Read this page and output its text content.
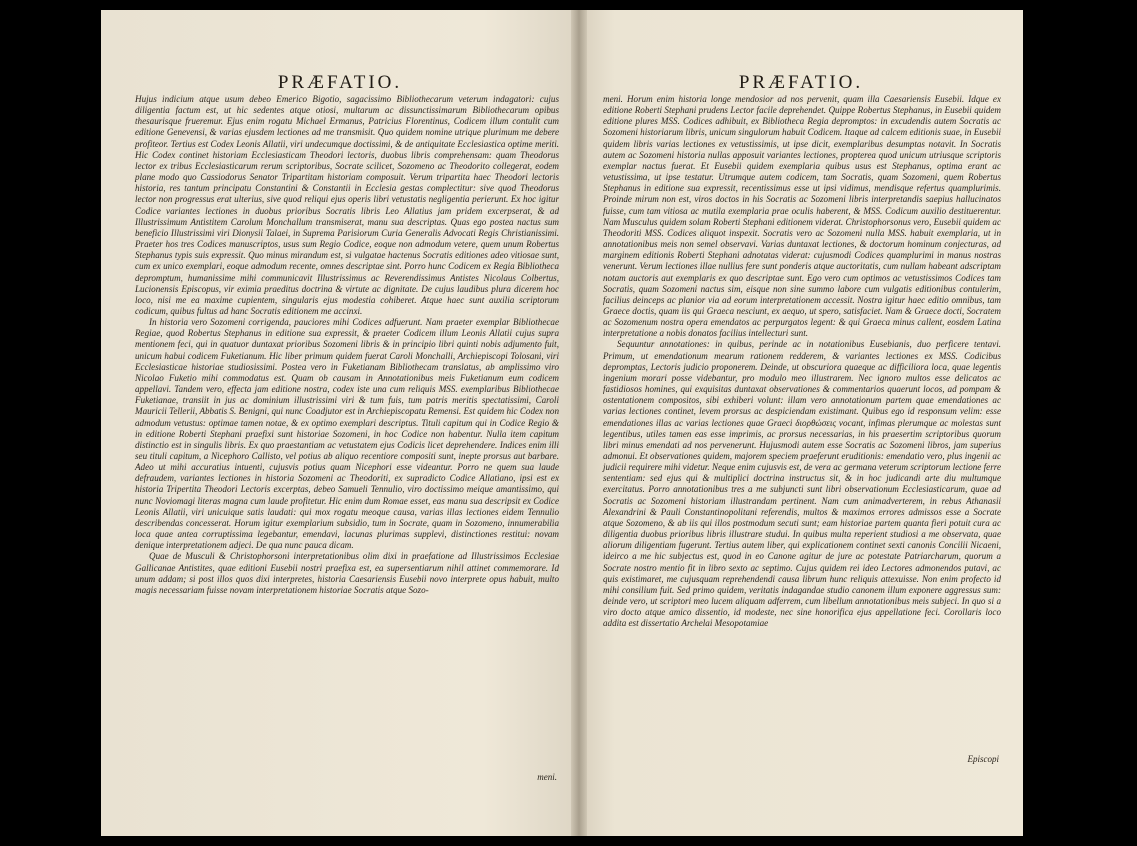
PRÆFATIO.

Hujus indicium atque usum debeo Emerico Bigotio, sagacissimo Bibliothecarum veterum indagatori: cujus diligentia factum est, ut hic sedentes atque otiosi, multarum ac dissunctissimarum Bibliothecarum opibus thesaurisque frueremur. Ejus enim rogatu Michael Ermanus, Patricius Florentinus, Codicem illum contulit cum editione Genevensi, & varias ejusdem lectiones ad me transmisit. Quo quidem nomine utrique plurimum me debere profiteor. Tertius est Codex Leonis Allatii, viri undecumque doctissimi, & de antiquitate Ecclesiastica optime meriti. Hic Codex continet historiam Ecclesiasticam Theodori lectoris, duobus libris comprehensam: quam Theodorus lector ex tribus Ecclesiasticarum rerum scriptoribus, Socrate scilicet, Sozomeno ac Theodorito collegerat, eodem plane modo quo Cassiodorus Senator Tripartitam historiam composuit. Verum tripartita haec Theodori lectoris historia, res tantum principatu Constantini & Constantii in Ecclesia gestas complectitur: sive quod Theodorus lector non progressus erat ulterius, sive quod reliqui ejus operis libri vetustatis negligentia perierunt. Ex hoc igitur Codice variantes lectiones in duobus prioribus Socratis libris Leo Allatius jam pridem excerpserat, & ad Illustrissimum Antistitem Carolum Monchallum transmiserat, manu sua descriptas. Quas ego postea nactus sum beneficio Illustrissimi viri Dionysii Talaei, in Suprema Parisiorum Curia Generalis Advocati Regis Christianissimi. Praeter hos tres Codices manuscriptos, usus sum Regio Codice, eoque non admodum vetere, quem unum Robertus Stephanus typis suis expressit. Quo minus mirandum est, si vulgatae hactenus Socratis editiones adeo vitiosae sunt, cum ex unico exemplari, eoque admodum recente, omnes descriptae sint. Porro hunc Codicem ex Regia Bibliotheca depromptum, humanissime mihi communicavit Illustrissimus ac Reverendissimus Antistes Nicolaus Colbertus, Lucionensis Episcopus, vir eximia praeditus doctrina & virtute ac dignitate. De cujus laudibus plura dicerem hoc loco, nisi me ea maxime cupientem, singularis ejus modestia cohiberet. Atque haec sunt auxilia scriptorum codicum, quibus fultus ad hanc Socratis editionem me accinxi.

In historia vero Sozomeni corrigenda, pauciores mihi Codices adfuerunt. Nam praeter exemplar Bibliothecae Regiae, quod Robertus Stephanus in editione sua expressit, & praeter Codicem illum Leonis Allatii cujus supra mentionem feci, qui in quatuor duntaxat prioribus Sozomeni libris & in principio libri quinti nobis adjumento fuit, unicum habui codicem Fuketianum. Hic liber primum quidem fuerat Caroli Monchalli, Archiepiscopi Tolosani, viri Ecclesiasticae historiae studiosissimi. Postea vero in Fuketianam Bibliothecam translatus, ab amplissimo viro Nicolao Fuketio mihi commodatus est. Quam ob causam in Annotationibus meis Fuketianum eum codicem appellavi. Tandem vero, effecta jam editione nostra, codex iste una cum reliquis MSS. exemplaribus Bibliothecae Fuketianae, transiit in jus ac dominium illustrissimi viri & tum fuis, tum patris meritis spectatissimi, Caroli Mauricii Tellerii, Abbatis S. Benigni, qui nunc Coadjutor est in Archiepiscopatu Remensi. Est quidem hic Codex non admodum vetustus: optimae tamen notae, & ex optimo exemplari descriptus. Tituli capitum qui in Codice Regio & in editione Roberti Stephani praefixi sunt historiae Sozomeni, in hoc Codice non habentur. Nulla item capitum distinctio est in singulis libris. Ex quo praestantiam ac vetustatem ejus Codicis licet deprehendere. Indices enim illi seu tituli capitum, a Nicephoro Callisto, vel potius ab aliquo recentiore compositi sunt, inepte prorsus aut barbare. Adeo ut mihi accuratius intuenti, cujusvis potius quam Nicephori esse videantur. Porro ne quem sua laude defraudem, variantes lectiones in historia Sozomeni ac Theodoriti, ex supradicto Codice Allatiano, ipsi est ex historia Tripertita Theodori Lectoris excerptas, debeo Samueli Tennulio, viro doctissimo meique amantissimo, qui nunc Noviomagi literas magna cum laude profitetur. Hic enim dum Romae esset, eas manu sua descripsit ex Codice Leonis Allatii, viri unicuique satis laudati: qui mox rogatu meoque causa, varias illas lectiones eidem Tennulio describendas concesserat. Horum igitur exemplarium subsidio, tum in Socrate, quam in Sozomeno, innumerabilia loca quae antea corruptissima legebantur, emendavi, lacunas plurimas supplevi, distinctiones restitui: novam denique interpretationem adjeci. De qua nunc pauca dicam.

Quae de Musculi & Christophorsoni interpretationibus olim dixi in praefatione ad Illustrissimos Ecclesiae Gallicanae Antistites, quae editioni Eusebii nostri praefixa est, ea supersentiarum nihil attinet commemorare. Id unum addam; si post illos quos dixi interpretes, historia Caesariensis Eusebii novo interprete opus habuit, multo magis necessariam fuisse novam interpretationem historiae Socratis atque Sozo-

meni.
PRÆFATIO.

meni. Horum enim historia longe mendosior ad nos pervenit, quam illa Caesariensis Eusebii. Idque ex editione Roberti Stephani prudens Lector facile deprehendet. Quippe Robertus Stephanus, in Eusebii quidem editione plures MSS. Codices adhibuit, ex Bibliotheca Regia depromptos: in excudendis autem Socratis ac Sozomeni historiarum libris, unicum singulorum habuit Codicem. Itaque ad calcem editionis suae, in Eusebii quidem libris varias lectiones ex vetustissimis, ut ipse dicit, exemplaribus desumptas notavit. In Socratis autem ac Sozomeni historia nullas apposuit variantes lectiones, propterea quod unicum utriusque scriptoris exemplar nactus fuerat. Et Eusebii quidem exemplaria quibus usus est Stephanus, optima erant ac vetustissima, ut ipse testatur. Utrumque autem codicem, tam Socratis, quam Sozomeni, quem Robertus Stephanus in editione sua expressit, recentissimus esse ut ipsi vidimus, mendisque refertus quamplurimis. Proinde mirum non est, viros doctos in his Socratis ac Sozomeni libris interpretandis saepius hallucinatos fuisse, cum tam vitiosa ac mutila exemplaria prae oculis haberent, & MSS. Codicum auxilio destituerentur. Nam Musculus quidem solam Roberti Stephani editionem viderat. Christophorsonus vero, Eusebii quidem ac Theodoriti MSS. Codices aliquot inspexit. Socratis vero ac Sozomeni nulla MSS. habuit exemplaria, ut in annotationibus meis non semel observavi. Varias duntaxat lectiones, & doctorum hominum conjecturas, ad marginem editionis Roberti Stephani adnotatas viderat: cujusmodi Codices quamplurimi in manus nostras venerunt. Verum lectiones illae nullius fere sunt ponderis atque auctoritatis, cum nullam habeant adscriptam notam auctoris aut exemplaris ex quo descriptae sunt. Ego vero cum optimos ac vetustissimos Codices tam Socratis, quam Sozomeni nactus sim, eisque non sine summo labore cum vulgatis editionibus contulerim, facilius deinceps ac planior via ad eorum interpretationem accessit. Nostra igitur haec editio omnibus, tam Graece doctis, quam iis qui Graeca nesciunt, ex aequo, ut spero, satisfaciet. Nam & Graece docti, Socratem ac Sozomenum nostra opera emendatos ac perpurgatos legent: & qui Graeca minus callent, eosdem Latina interpretatione a nobis donatos facilius intellecturi sunt.

Sequuntur annotationes: in quibus, perinde ac in notationibus Eusebianis, duo perficere tentavi. Primum, ut emendationum mearum rationem redderem, & variantes lectiones ex MSS. Codicibus depromptas, Lectoris judicio proponerem. Deinde, ut obscuriora quaeque ac difficiliora loca, quae legentis ingenium morari posse videbantur, pro modulo meo illustrarem. Nec ignoro multos esse delicatos ac fastidiosos homines, qui exquisitas duntaxat observationes & commentarios quaerunt locos, ad pompam & ostentationem compositos, sibi exhiberi volunt: illam vero annotationum partem quae emendationes ac varias lectiones continet, levem prorsus ac despiciendam existimant. Quibus ego id responsum velim: esse emendationes illas ac varias lectiones quae Graeci διορθώσεις vocant, infimas plerumque ac molestas sunt legentibus, utiles tamen eas esse imprimis, ac prorsus necessarias, in his praesertim scriptoribus quorum libri minus emendati ad nos pervenerunt. Hujusmodi autem esse Socratis ac Sozomeni libros, jam superius admonui. Et observationes quidem, majorem speciem praeferunt eruditionis: emendatio vero, plus ingenii ac judicii requirere mihi videtur. Neque enim cujusvis est, de vera ac germana veterum scriptorum lectione ferre sententiam: sed ejus qui & multiplici doctrina instructus sit, & in hoc judicandi arte diu multumque exercitatus. Porro annotationibus tres a me subjuncti sunt libri observationum Ecclesiasticarum, quae ad Socratis ac Sozomeni historiam illustrandam pertinent. Nam cum animadverterem, in rebus Athanasii Alexandrini & Pauli Constantinopolitani referendis, multos & maximos errores admissos esse a Socrate atque Sozomeno, & ab iis qui illos postmodum secuti sunt; eam historiae partem quanta fieri potuit cura ac diligentia duobus prioribus libris illustrare studui. In quibus multa reperient studiosi a me observata, quae aliorum diligentiam fugerunt. Tertius autem liber, qui explicationem continet sexti canonis Concilii Nicaeni, ideirco a me hic subjectus est, quod in eo Canone agitur de jure ac potestate Patriarcharum, quorum a Socrate nostro mentio fit in libro sexto ac septimo. Cujus quidem rei ideo Lectores admonendos putavi, ac quis existimaret, me cujusquam reprehendendi causa librum hunc reliquis attexuisse. Non enim profecto id mihi consilium fuit. Sed primo quidem, veritatis indagandae studio canonem illum exponere aggressus sum: deinde vero, ut scriptori meo lucem aliquam adferrem, cum libellum annotationibus meis subjeci. In quo si a viro docto atque amico dissentio, id modeste, nec sine honorifica ejus appellatione feci. Corollaris loco addita est dissertatio Archelai Mesopotamiae

Episcopi
